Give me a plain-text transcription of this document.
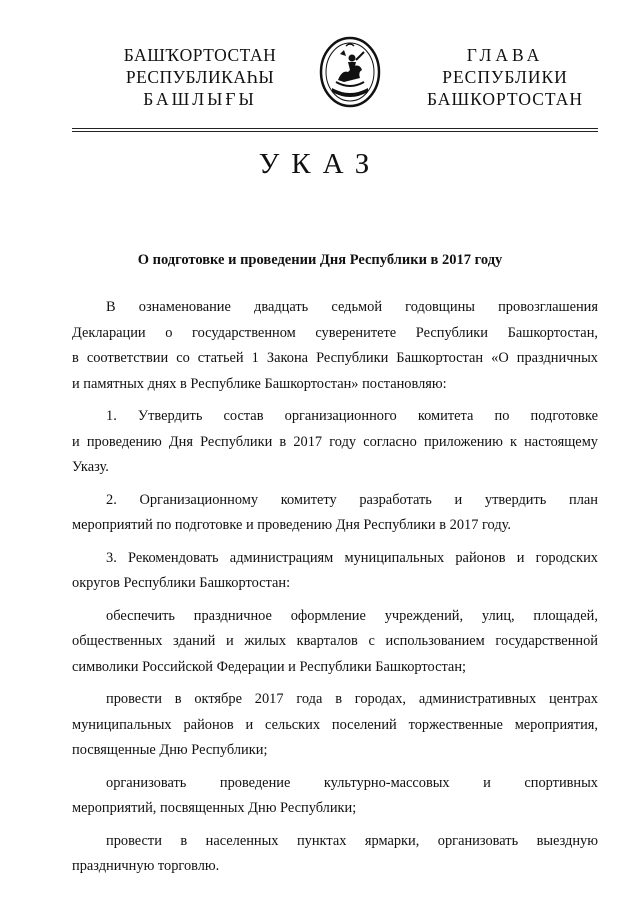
БАШҠОРТОСТАН
РЕСПУБЛИКАҺЫ
БАШЛЫҒЫ
ГЛАВА
РЕСПУБЛИКИ
БАШКОРТОСТАН
УКАЗ
О подготовке и проведении Дня Республики в 2017 году

В ознаменование двадцать седьмой годовщины провозглашения

Декларации о государственном суверенитете Республики Башкортостан,

в соответствии со статьей 1 Закона Республики Башкортостан «О праздничных

и памятных днях в Республике Башкортостан» постановляю:

1. Утвердить состав организационного комитета по подготовке

и проведению Дня Республики в 2017 году согласно приложению к настоящему

Указу.

2. Организационному комитету разработать и утвердить план

мероприятий по подготовке и проведению Дня Республики в 2017 году.

3. Рекомендовать администрациям муниципальных районов и городских

округов Республики Башкортостан:

обеспечить праздничное оформление учреждений, улиц, площадей,

общественных зданий и жилых кварталов с использованием государственной

символики Российской Федерации и Республики Башкортостан;

провести в октябре 2017 года в городах, административных центрах

муниципальных районов и сельских поселений торжественные мероприятия,

посвященные Дню Республики;

организовать проведение культурно-массовых и спортивных

мероприятий, посвященных Дню Республики;

провести в населенных пунктах ярмарки, организовать выездную

праздничную торговлю.
